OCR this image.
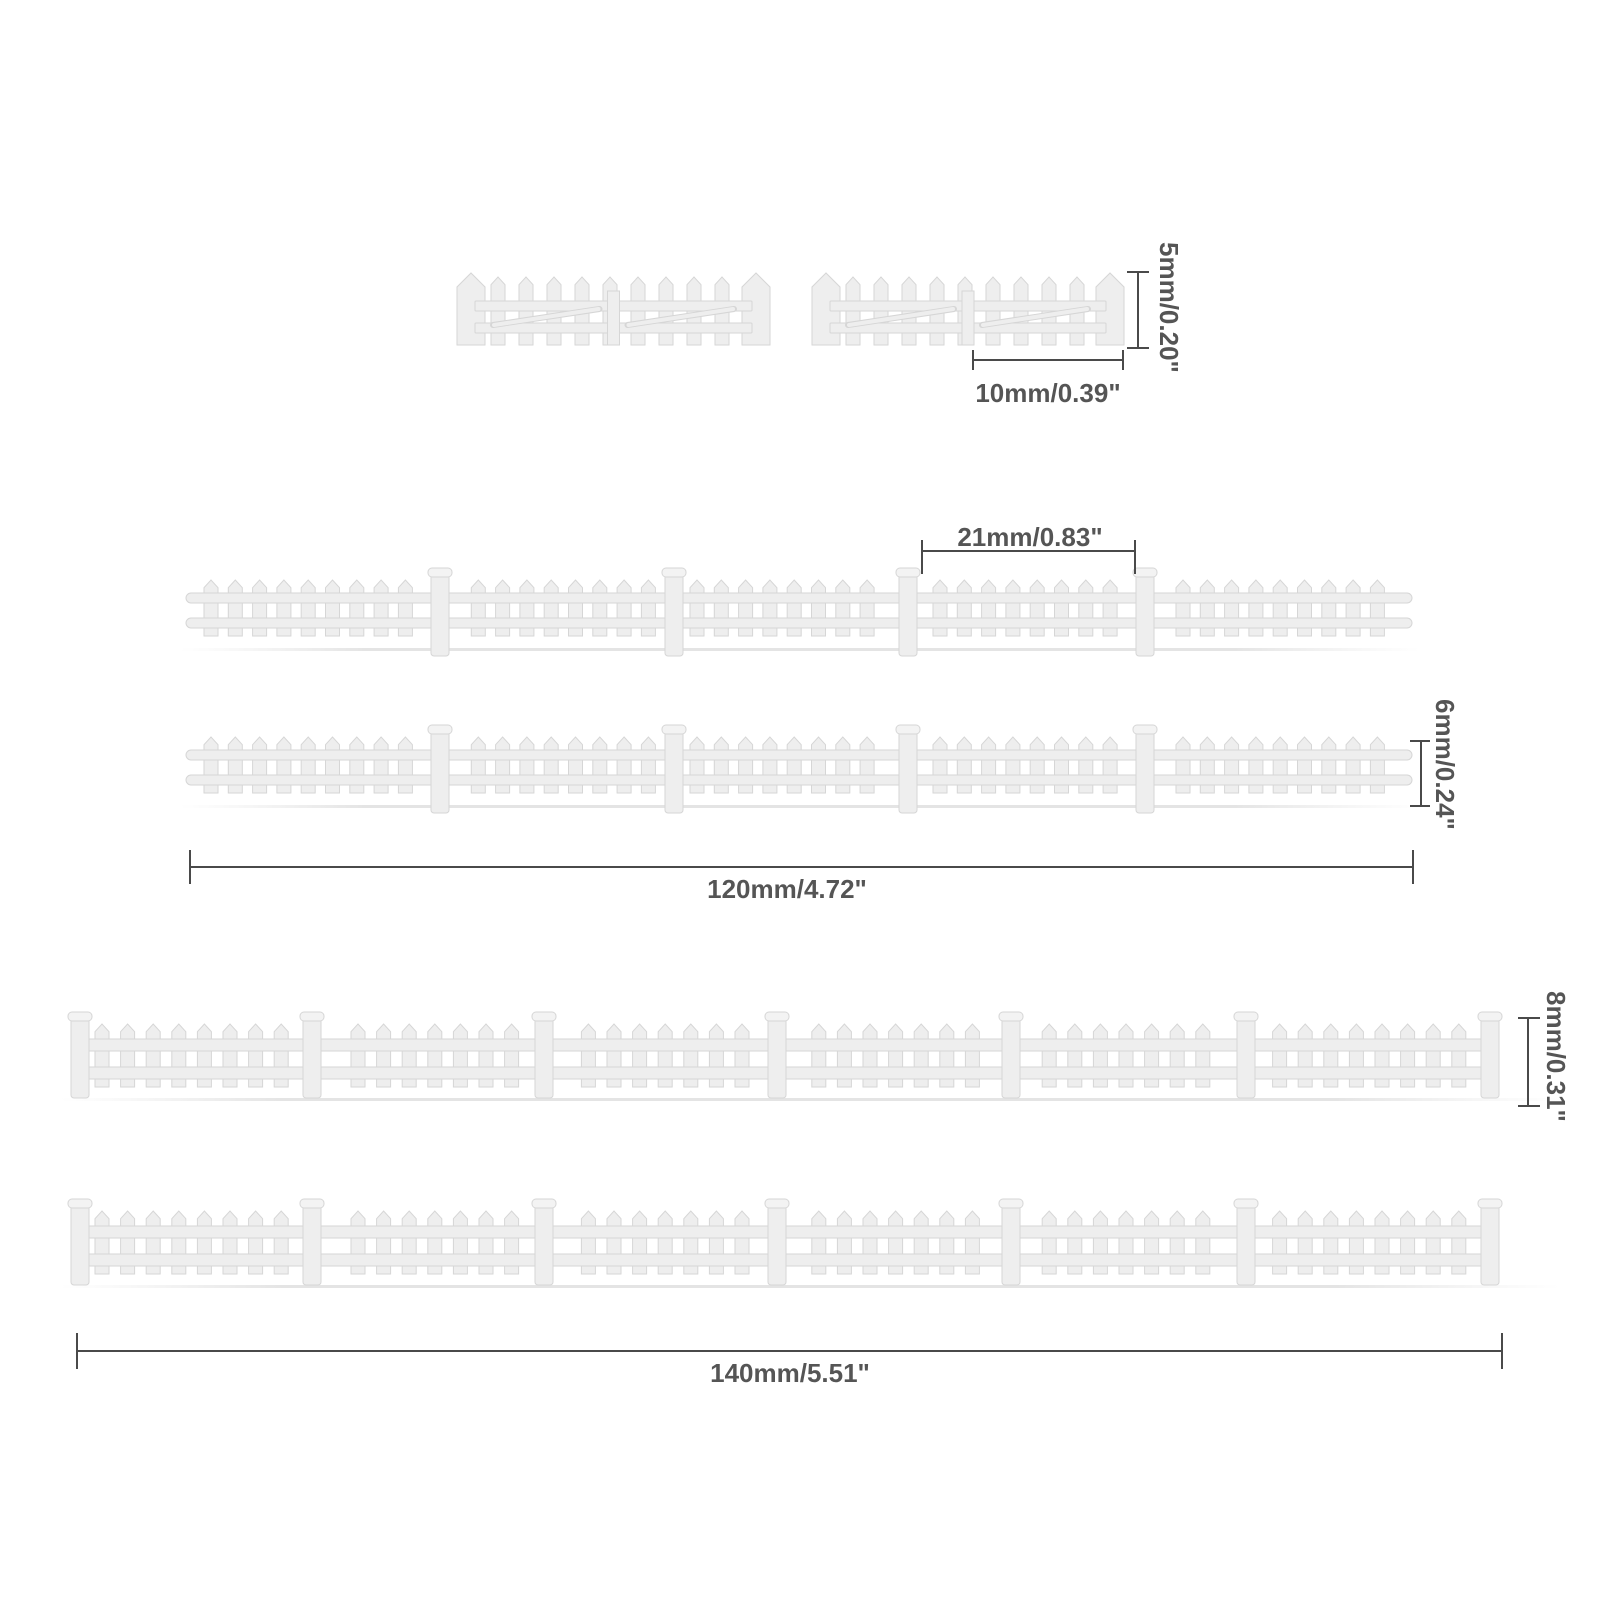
5mm/0.20"
10mm/0.39"
21mm/0.83"
6mm/0.24"
120mm/4.72"
8mm/0.31"
140mm/5.51"
